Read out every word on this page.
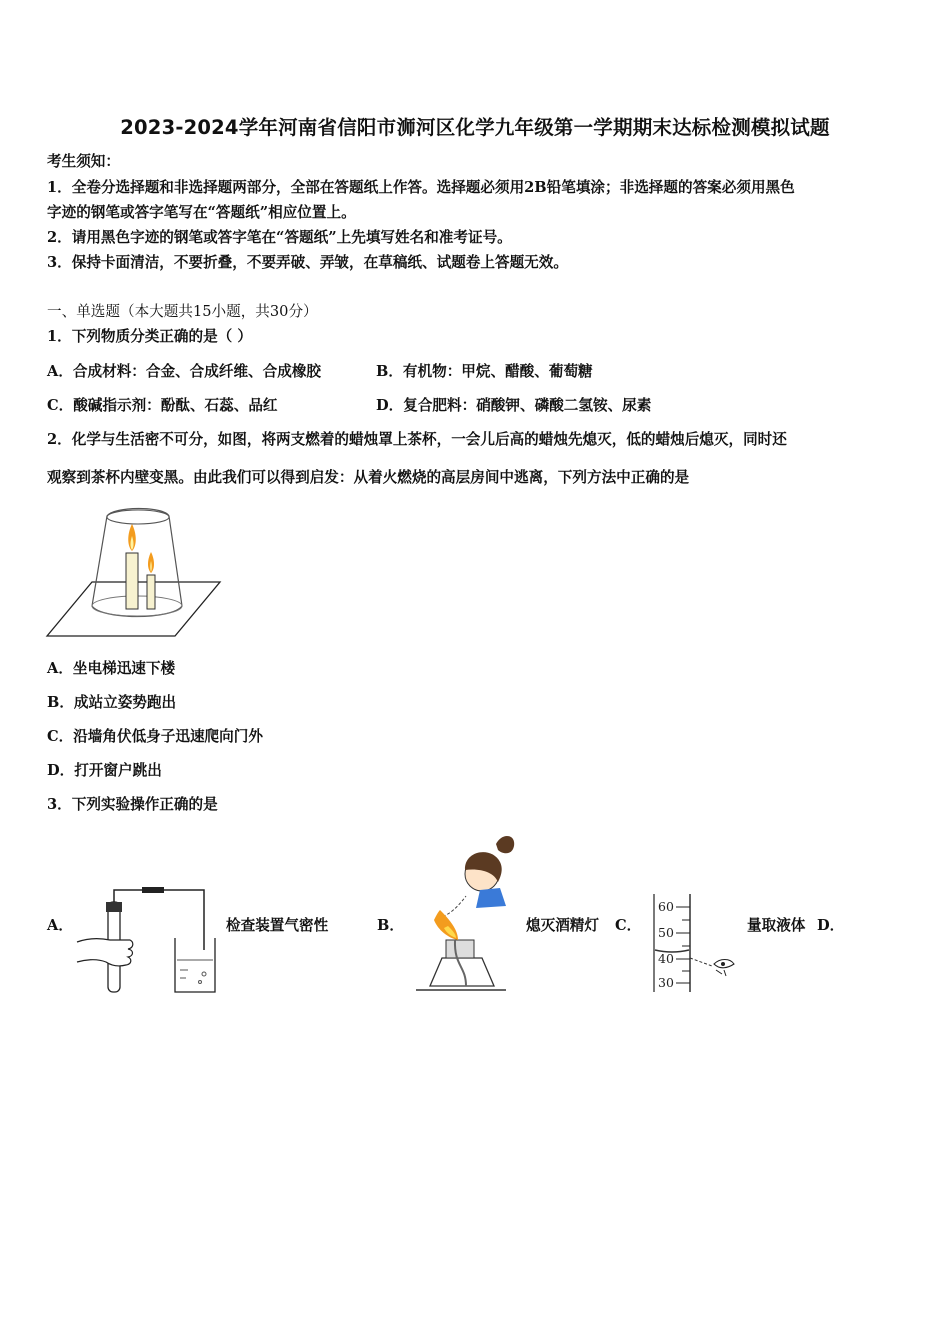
2023-2024学年河南省信阳市浉河区化学九年级第一学期期末达标检测模拟试题
考生须知：
1．全卷分选择题和非选择题两部分，全部在答题纸上作答。选择题必须用2B铅笔填涂；非选择题的答案必须用黑色
字迹的钢笔或答字笔写在“答题纸”相应位置上。
2．请用黑色字迹的钢笔或答字笔在“答题纸”上先填写姓名和准考证号。
3．保持卡面清洁，不要折叠，不要弄破、弄皱，在草稿纸、试题卷上答题无效。
一、单选题（本大题共15小题，共30分）
1．下列物质分类正确的是（ ）
A．合成材料：合金、合成纤维、合成橡胶	B．有机物：甲烷、醋酸、葡萄糖
C．酸碱指示剂：酚酞、石蕊、品红	D．复合肥料：硝酸钾、磷酸二氢铵、尿素
2．化学与生活密不可分，如图，将两支燃着的蜡烛罩上茶杯，一会儿后高的蜡烛先熄灭，低的蜡烛后熄灭，同时还
观察到茶杯内壁变黑。由此我们可以得到启发：从着火燃烧的高层房间中逃离，下列方法中正确的是
A．坐电梯迅速下楼
B．成站立姿势跑出
C．沿墙角伏低身子迅速爬向门外
D．打开窗户跳出
3．下列实验操作正确的是
A．	检查装置气密性	B．	熄灭酒精灯 C．
60
50
40
30
量取液体 D．
